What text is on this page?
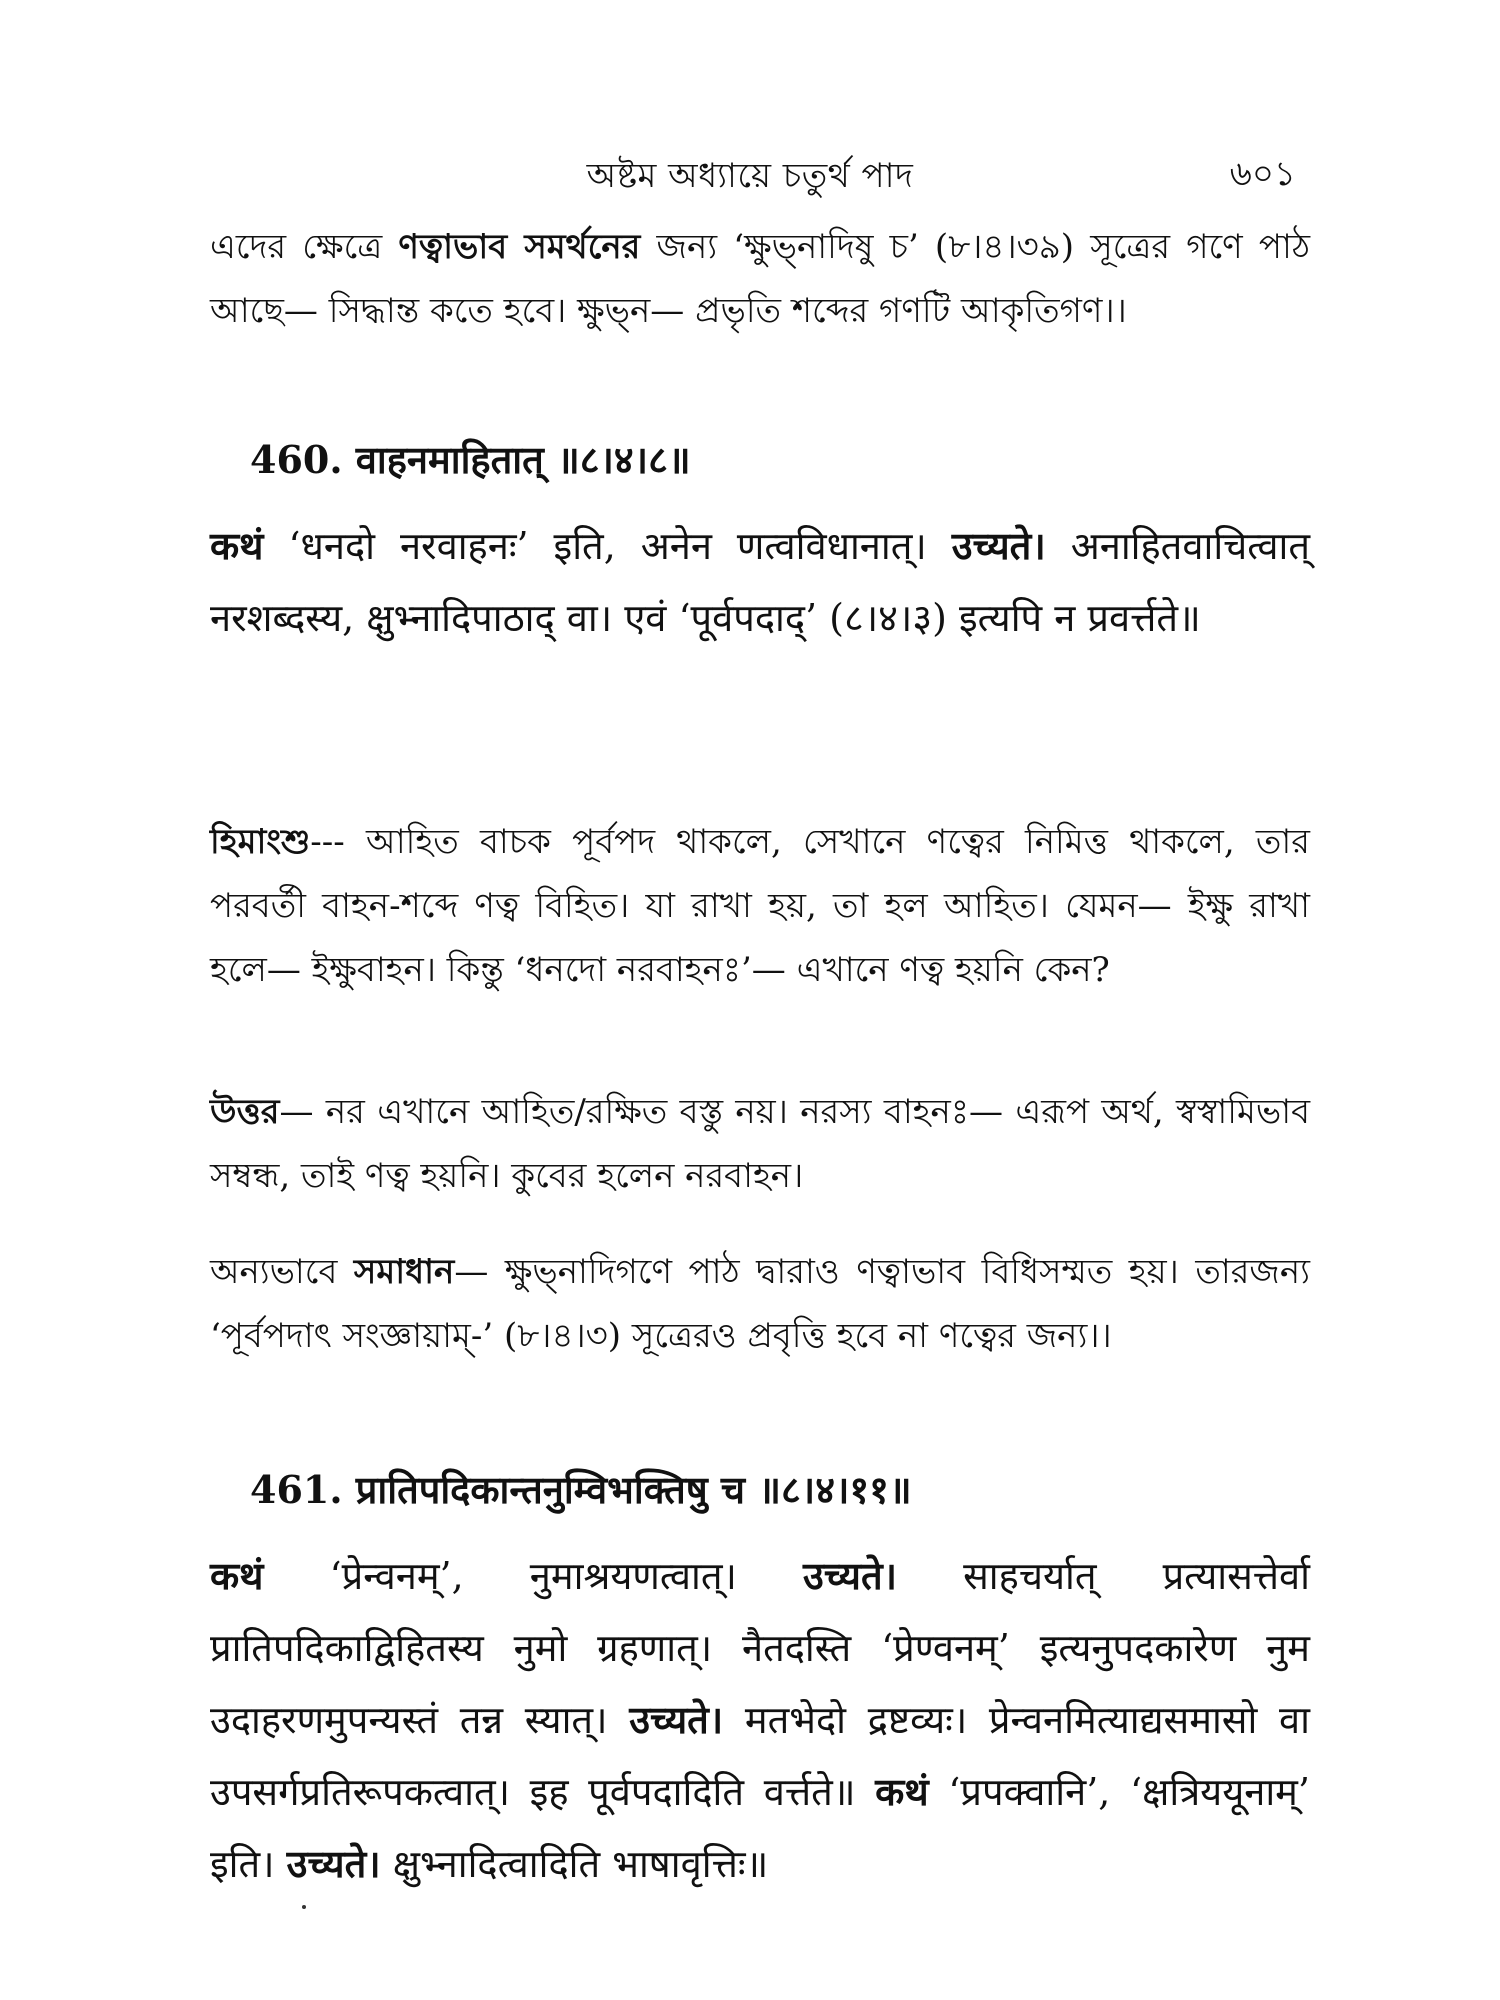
অষ্টম অধ্যায়ে চতুর্থ পাদ	৬০১

এদের ক্ষেত্রে ণত্বাভাব সমর্থনের জন্য ‘ক্ষুভ্‌নাদিষু চ’ (৮।৪।৩৯) সূত্রের গণে পাঠ আছে— সিদ্ধান্ত কতে হবে। ক্ষুভ্‌ন— প্রভৃতি শব্দের গণটি আকৃতিগণ।।

460. वाहनमाहितात् ॥८।४।८॥

कथं ‘धनदो नरवाहनः’ इति, अनेन णत्वविधानात्। उच्यते। अनाहितवाचित्वात् नरशब्दस्य, क्षुभ्नादिपाठाद् वा। एवं ‘पूर्वपदाद्’ (८।४।३) इत्यपि न प्रवर्त्तते॥

হিমাংশু--- আহিত বাচক পূর্বপদ থাকলে, সেখানে ণত্বের নিমিত্ত থাকলে, তার পরবর্তী বাহন-শব্দে ণত্ব বিহিত। যা রাখা হয়, তা হল আহিত। যেমন— ইক্ষু রাখা হলে— ইক্ষুবাহন। কিন্তু ‘ধনদো নরবাহনঃ’— এখানে ণত্ব হয়নি কেন?

উত্তর— নর এখানে আহিত/রক্ষিত বস্তু নয়। নরস্য বাহনঃ— এরূপ অর্থ, স্বস্বামিভাব সম্বন্ধ, তাই ণত্ব হয়নি। কুবের হলেন নরবাহন।

অন্যভাবে সমাধান— ক্ষুভ্‌নাদিগণে পাঠ দ্বারাও ণত্বাভাব বিধিসম্মত হয়। তারজন্য ‘পূর্বপদাৎ সংজ্ঞায়াম্-’ (৮।৪।৩) সূত্রেরও প্রবৃত্তি হবে না ণত্বের জন্য।।

461. प्रातिपदिकान्तनुम्विभक्तिषु च ॥८।४।११॥

कथं ‘प्रेन्वनम्’, नुमाश्रयणत्वात्। उच्यते। साहचर्यात् प्रत्यासत्तेर्वा प्रातिपदिकाद्विहितस्य नुमो ग्रहणात्। नैतदस्ति ‘प्रेण्वनम्’ इत्यनुपदकारेण नुम उदाहरणमुपन्यस्तं तन्न स्यात्। उच्यते। मतभेदो द्रष्टव्यः। प्रेन्वनमित्याद्यसमासो वा उपसर्गप्रतिरूपकत्वात्। इह पूर्वपदादिति वर्त्तते॥ कथं ‘प्रपक्वानि’, ‘क्षत्रिययूनाम्’ इति। उच्यते। क्षुभ्नादित्वादिति भाषावृत्तिः॥
